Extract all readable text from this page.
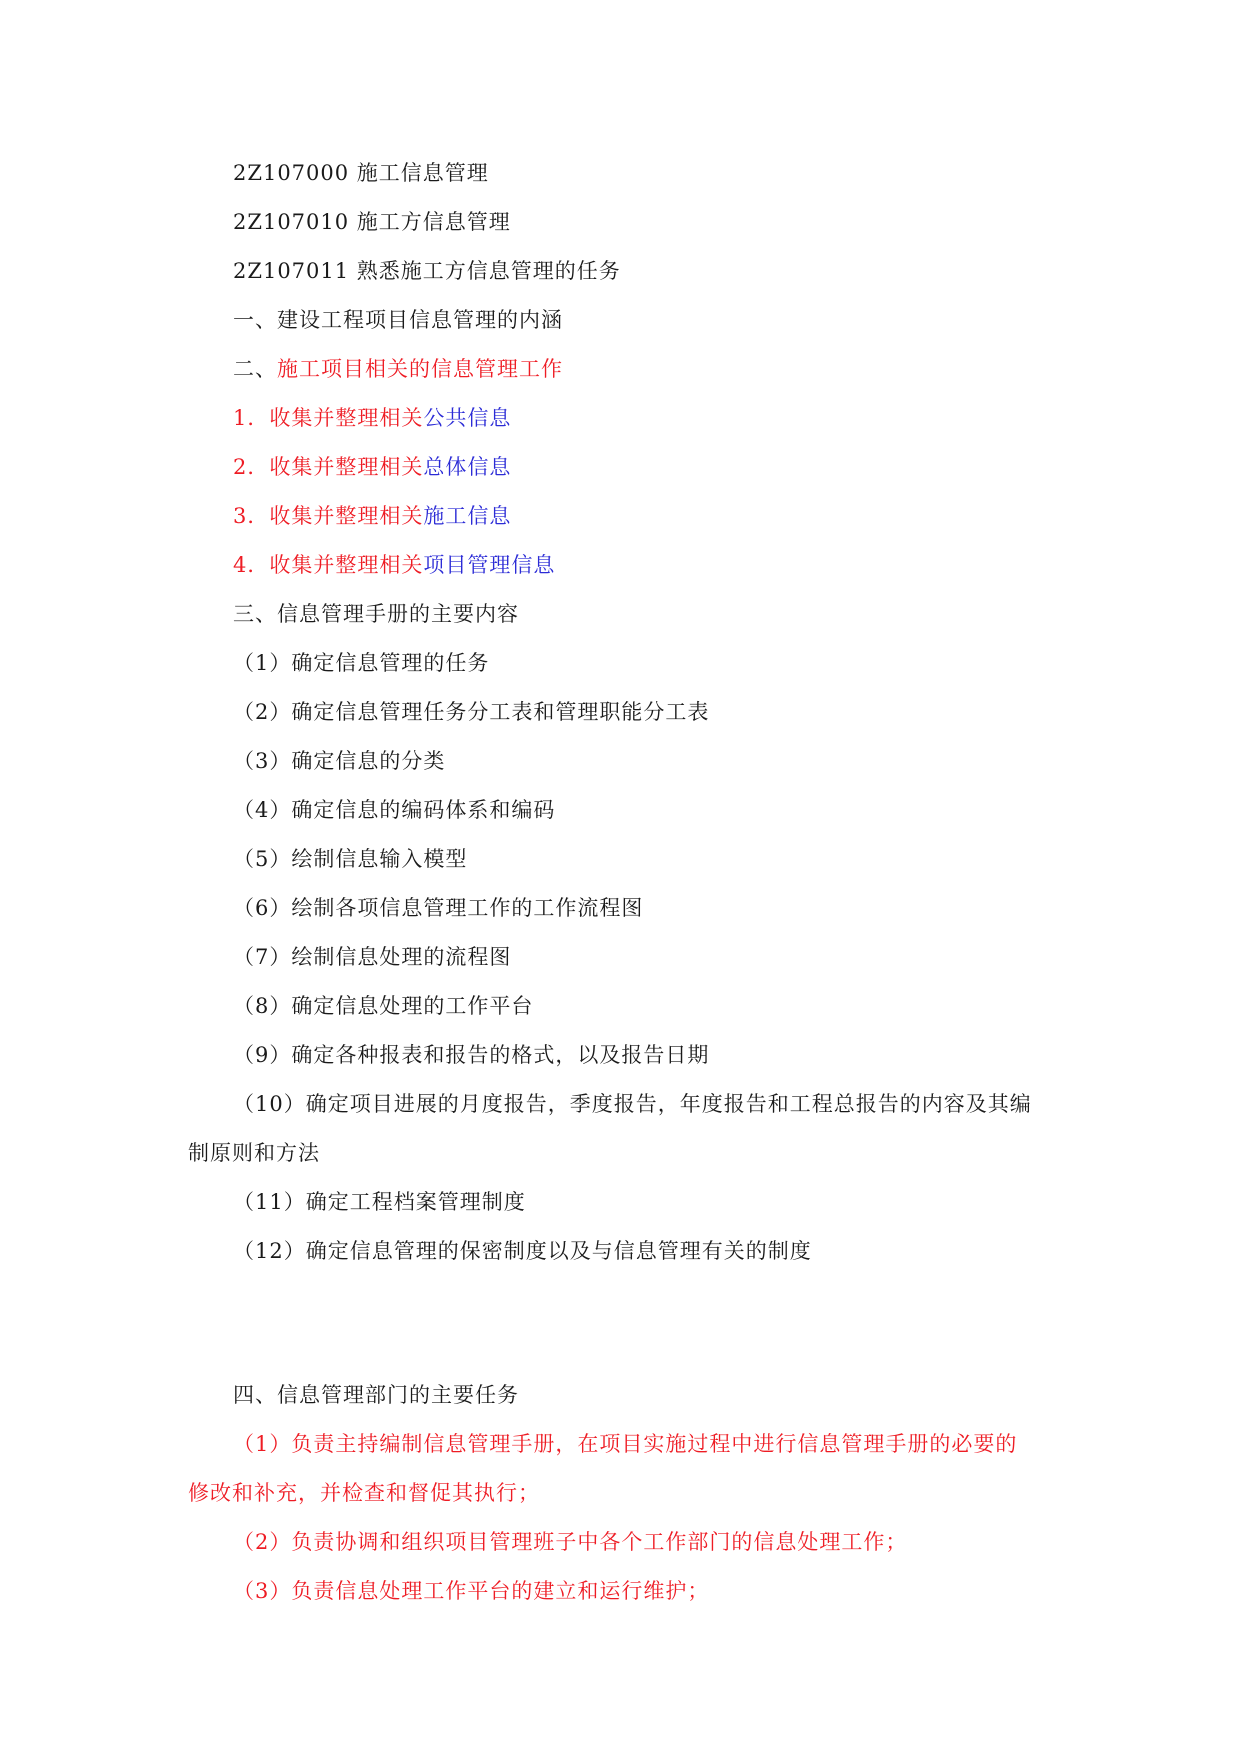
2Z107000 施工信息管理
2Z107010 施工方信息管理
2Z107011 熟悉施工方信息管理的任务
一、建设工程项目信息管理的内涵
二、施工项目相关的信息管理工作
1．收集并整理相关公共信息
2．收集并整理相关总体信息
3．收集并整理相关施工信息
4．收集并整理相关项目管理信息
三、信息管理手册的主要内容
（1）确定信息管理的任务
（2）确定信息管理任务分工表和管理职能分工表
（3）确定信息的分类
（4）确定信息的编码体系和编码
（5）绘制信息输入模型
（6）绘制各项信息管理工作的工作流程图
（7）绘制信息处理的流程图
（8）确定信息处理的工作平台
（9）确定各种报表和报告的格式，以及报告日期
（10）确定项目进展的月度报告，季度报告，年度报告和工程总报告的内容及其编
制原则和方法
（11）确定工程档案管理制度
（12）确定信息管理的保密制度以及与信息管理有关的制度
四、信息管理部门的主要任务
（1）负责主持编制信息管理手册，在项目实施过程中进行信息管理手册的必要的
修改和补充，并检查和督促其执行；
（2）负责协调和组织项目管理班子中各个工作部门的信息处理工作；
（3）负责信息处理工作平台的建立和运行维护；
